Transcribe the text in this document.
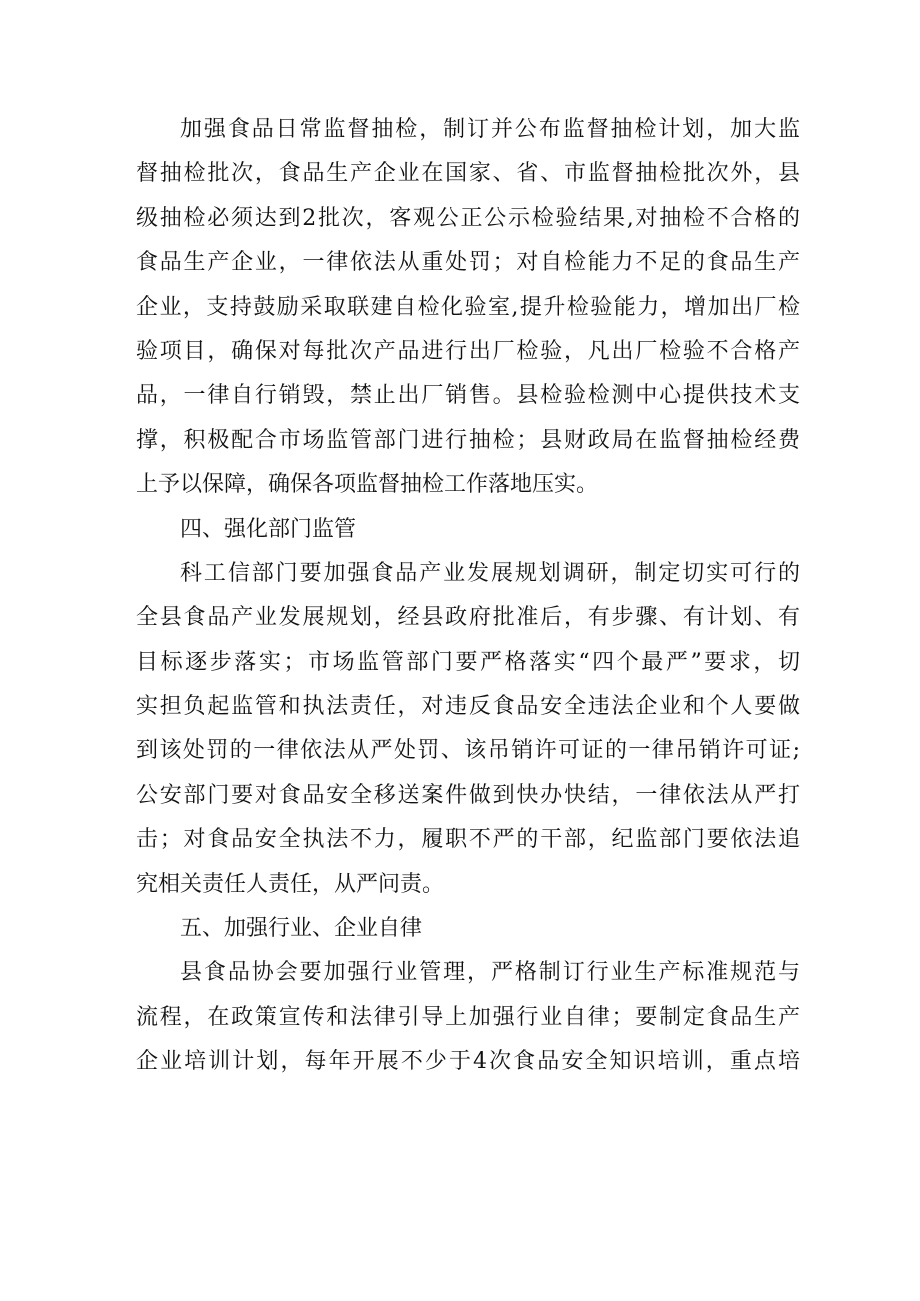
加强食品日常监督抽检，制订并公布监督抽检计划，加大监
督抽检批次，食品生产企业在国家、省、市监督抽检批次外，县
级抽检必须达到2批次，客观公正公示检验结果,对抽检不合格的
食品生产企业，一律依法从重处罚；对自检能力不足的食品生产
企业，支持鼓励采取联建自检化验室,提升检验能力，增加出厂检
验项目，确保对每批次产品进行出厂检验，凡出厂检验不合格产
品，一律自行销毁，禁止出厂销售。县检验检测中心提供技术支
撑，积极配合市场监管部门进行抽检；县财政局在监督抽检经费
上予以保障，确保各项监督抽检工作落地压实。
四、强化部门监管
科工信部门要加强食品产业发展规划调研，制定切实可行的
全县食品产业发展规划，经县政府批准后，有步骤、有计划、有
目标逐步落实；市场监管部门要严格落实“四个最严”要求，切
实担负起监管和执法责任，对违反食品安全违法企业和个人要做
到该处罚的一律依法从严处罚、该吊销许可证的一律吊销许可证;
公安部门要对食品安全移送案件做到快办快结，一律依法从严打
击；对食品安全执法不力，履职不严的干部，纪监部门要依法追
究相关责任人责任，从严问责。
五、加强行业、企业自律
县食品协会要加强行业管理，严格制订行业生产标准规范与
流程，在政策宣传和法律引导上加强行业自律；要制定食品生产
企业培训计划，每年开展不少于4次食品安全知识培训，重点培
